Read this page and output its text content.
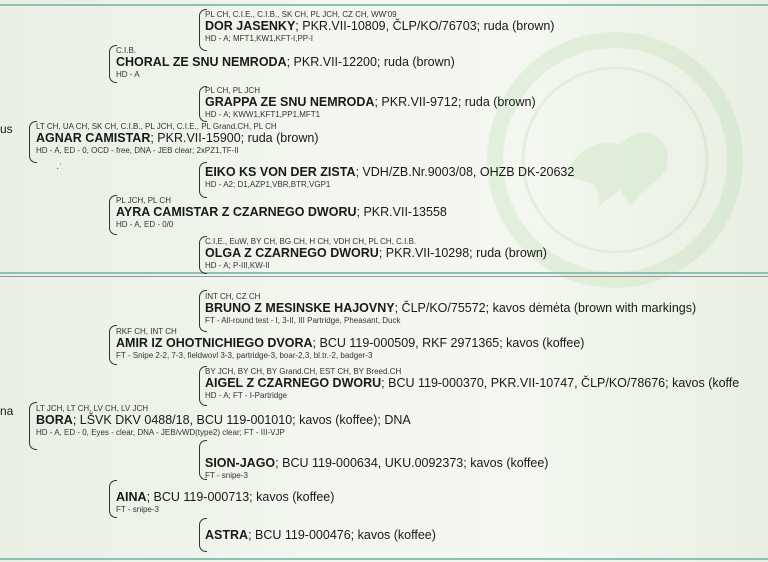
us
na
·˙
PL CH, C.I.E., C.I.B., SK CH, PL JCH, CZ CH, WW'09
DOR JASENKY; PKR.VII-10809, ČLP/KO/76703; ruda (brown)
HD - A; MFT1,KW1,KFT-I,PP-I
C.I.B.
CHORAL ZE SNU NEMRODA; PKR.VII-12200; ruda (brown)
HD - A
PL CH, PL JCH
GRAPPA ZE SNU NEMRODA; PKR.VII-9712; ruda (brown)
HD - A; KWW1,KFT1,PP1,MFT1
LT CH, UA CH, SK CH, C.I.B., PL JCH, C.I.E., PL Grand.CH, PL CH
AGNAR CAMISTAR; PKR.VII-15900; ruda (brown)
HD - A, ED - 0, OCD - free, DNA - JEB clear; 2xPZ1,TF-II
EIKO KS VON DER ZISTA; VDH/ZB.Nr.9003/08, OHZB DK-20632
HD - A2; D1,AZP1,VBR,BTR,VGP1
PL JCH, PL CH
AYRA CAMISTAR Z CZARNEGO DWORU; PKR.VII-13558
HD - A, ED - 0/0
C.I.E., EuW, BY CH, BG CH, H CH, VDH CH, PL CH, C.I.B.
OLGA Z CZARNEGO DWORU; PKR.VII-10298; ruda (brown)
HD - A; P-III,KW-II
INT CH, CZ CH
BRUNO Z MESINSKE HAJOVNY; ČLP/KO/75572; kavos dėmėta (brown with markings)
FT - All-round test - I, 3-II, III Partridge, Pheasant, Duck
RKF CH, INT CH
AMIR IZ OHOTNICHIEGO DVORA; BCU 119-000509, RKF 2971365; kavos (koffee)
FT - Snipe 2-2, 7-3, fieldwovl 3-3, partridge-3, boar-2,3, bl.tr.-2, badger-3
BY JCH, BY CH, BY Grand.CH, EST CH, BY Breed.CH
AIGEL Z CZARNEGO DWORU; BCU 119-000370, PKR.VII-10747, ČLP/KO/78676; kavos (koffe
HD - A; FT - I-Partridge
LT JCH, LT CH, LV CH, LV JCH
BORA; LŠVK DKV 0488/18, BCU 119-001010; kavos (koffee); DNA
HD - A, ED - 0, Eyes - clear, DNA - JEB/vWD(type2) clear; FT - III-VJP
SION-JAGO; BCU 119-000634, UKU.0092373; kavos (koffee)
FT - snipe-3
AINA; BCU 119-000713; kavos (koffee)
FT - snipe-3
ASTRA; BCU 119-000476; kavos (koffee)
